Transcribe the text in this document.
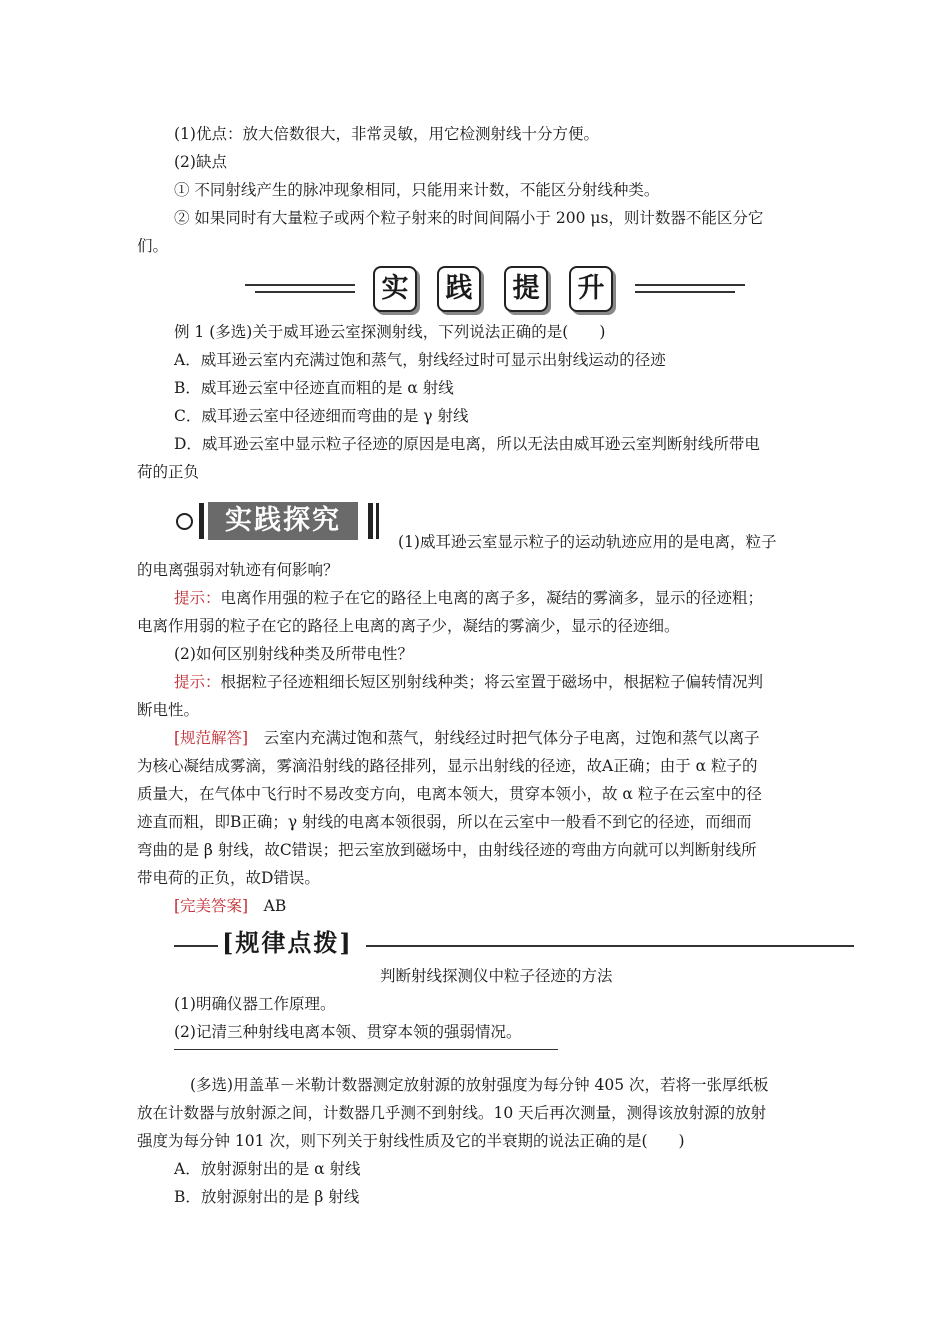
(1)优点：放大倍数很大，非常灵敏，用它检测射线十分方便。
(2)缺点
① 不同射线产生的脉冲现象相同，只能用来计数，不能区分射线种类。
② 如果同时有大量粒子或两个粒子射来的时间间隔小于 200 μs，则计数器不能区分它
们。
实	践	提	升
例 1 (多选)关于威耳逊云室探测射线，下列说法正确的是(　　)
A．威耳逊云室内充满过饱和蒸气，射线经过时可显示出射线运动的径迹
B．威耳逊云室中径迹直而粗的是 α 射线
C．威耳逊云室中径迹细而弯曲的是 γ 射线
D．威耳逊云室中显示粒子径迹的原因是电离，所以无法由威耳逊云室判断射线所带电
荷的正负
实践探究
(1)威耳逊云室显示粒子的运动轨迹应用的是电离，粒子
的电离强弱对轨迹有何影响？
提示：电离作用强的粒子在它的路径上电离的离子多，凝结的雾滴多，显示的径迹粗；
电离作用弱的粒子在它的路径上电离的离子少，凝结的雾滴少，显示的径迹细。
(2)如何区别射线种类及所带电性？
提示：根据粒子径迹粗细长短区别射线种类；将云室置于磁场中，根据粒子偏转情况判
断电性。
[规范解答]　 云室内充满过饱和蒸气，射线经过时把气体分子电离，过饱和蒸气以离子
为核心凝结成雾滴，雾滴沿射线的路径排列，显示出射线的径迹，故A正确；由于 α 粒子的
质量大，在气体中飞行时不易改变方向，电离本领大，贯穿本领小，故 α 粒子在云室中的径
迹直而粗，即B正确；γ 射线的电离本领很弱，所以在云室中一般看不到它的径迹，而细而
弯曲的是 β 射线，故C错误；把云室放到磁场中，由射线径迹的弯曲方向就可以判断射线所
带电荷的正负，故D错误。
[完美答案]　 AB
[规律点拨]
判断射线探测仪中粒子径迹的方法
(1)明确仪器工作原理。
(2)记清三种射线电离本领、贯穿本领的强弱情况。
(多选)用盖革－米勒计数器测定放射源的放射强度为每分钟 405 次，若将一张厚纸板
放在计数器与放射源之间，计数器几乎测不到射线。10 天后再次测量，测得该放射源的放射
强度为每分钟 101 次，则下列关于射线性质及它的半衰期的说法正确的是(　　)
A．放射源射出的是 α 射线
B．放射源射出的是 β 射线
